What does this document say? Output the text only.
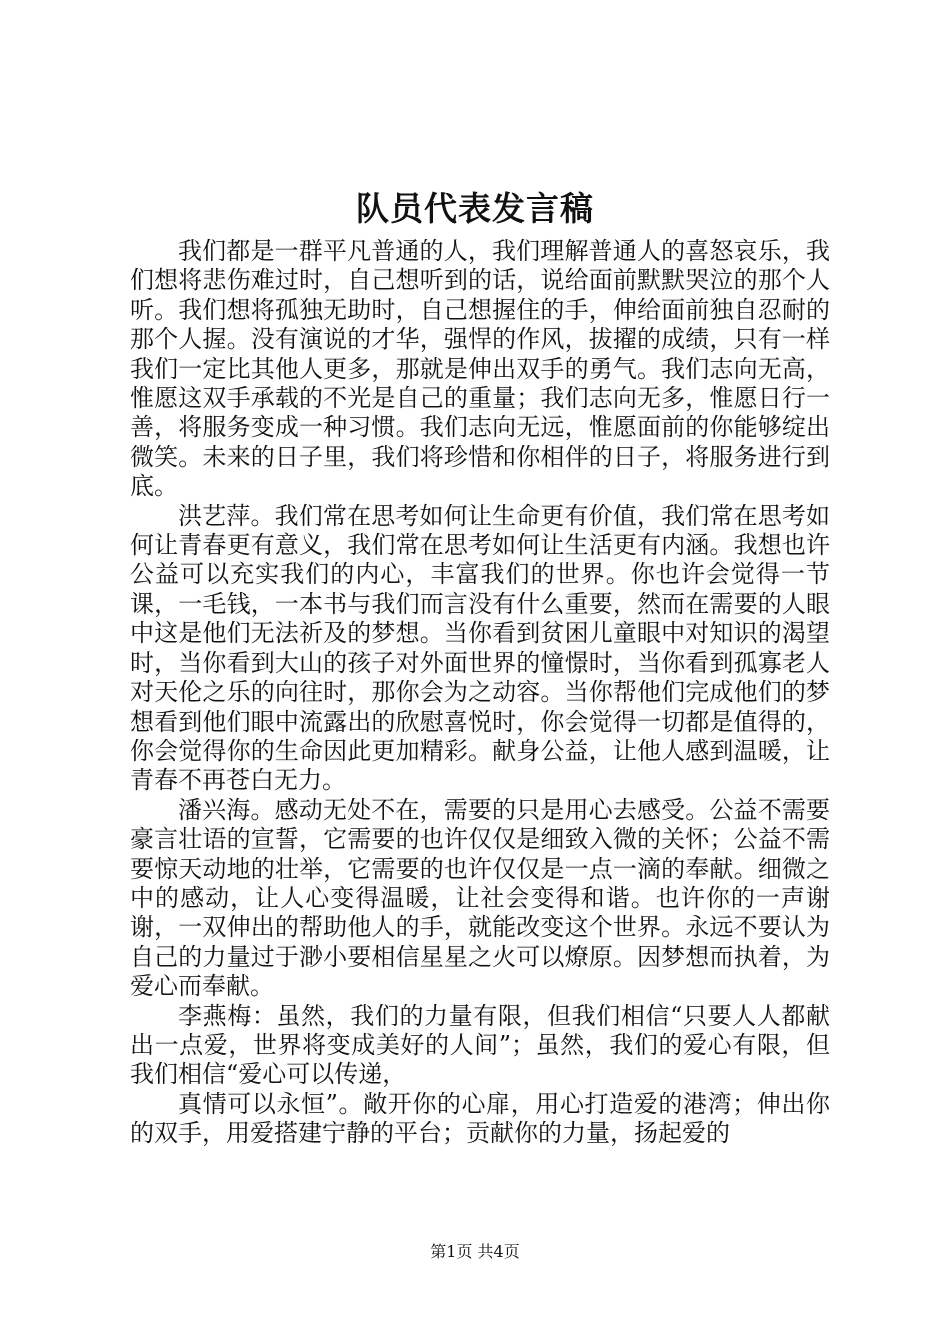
队员代表发言稿

我们都是一群平凡普通的人，我们理解普通人的喜怒哀乐，我们想将悲伤难过时，自己想听到的话，说给面前默默哭泣的那个人听。我们想将孤独无助时，自己想握住的手，伸给面前独自忍耐的那个人握。没有演说的才华，强悍的作风，拔擢的成绩，只有一样我们一定比其他人更多，那就是伸出双手的勇气。我们志向无高，惟愿这双手承载的不光是自己的重量；我们志向无多，惟愿日行一善，将服务变成一种习惯。我们志向无远，惟愿面前的你能够绽出微笑。未来的日子里，我们将珍惜和你相伴的日子，将服务进行到底。

洪艺萍。我们常在思考如何让生命更有价值，我们常在思考如何让青春更有意义，我们常在思考如何让生活更有内涵。我想也许公益可以充实我们的内心，丰富我们的世界。你也许会觉得一节课，一毛钱，一本书与我们而言没有什么重要，然而在需要的人眼中这是他们无法祈及的梦想。当你看到贫困儿童眼中对知识的渴望时，当你看到大山的孩子对外面世界的憧憬时，当你看到孤寡老人对天伦之乐的向往时，那你会为之动容。当你帮他们完成他们的梦想看到他们眼中流露出的欣慰喜悦时，你会觉得一切都是值得的，你会觉得你的生命因此更加精彩。献身公益，让他人感到温暖，让青春不再苍白无力。

潘兴海。感动无处不在，需要的只是用心去感受。公益不需要豪言壮语的宣誓，它需要的也许仅仅是细致入微的关怀；公益不需要惊天动地的壮举，它需要的也许仅仅是一点一滴的奉献。细微之中的感动，让人心变得温暖，让社会变得和谐。也许你的一声谢谢，一双伸出的帮助他人的手，就能改变这个世界。永远不要认为自己的力量过于渺小要相信星星之火可以燎原。因梦想而执着，为爱心而奉献。

李燕梅：虽然，我们的力量有限，但我们相信“只要人人都献出一点爱，世界将变成美好的人间”；虽然，我们的爱心有限，但我们相信“爱心可以传递，

真情可以永恒”。敞开你的心扉，用心打造爱的港湾；伸出你的双手，用爱搭建宁静的平台；贡献你的力量，扬起爱的

第1页 共4页
